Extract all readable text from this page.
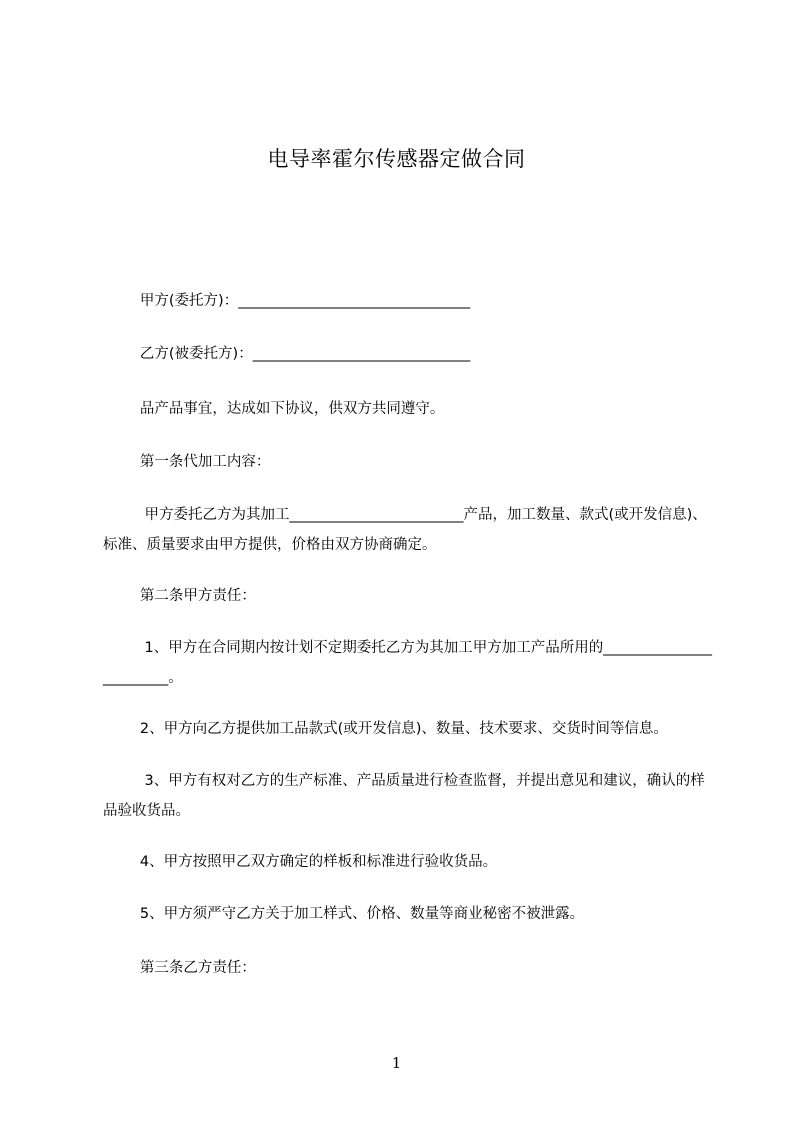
电导率霍尔传感器定做合同
甲方(委托方)：________________________________
乙方(被委托方)：______________________________
品产品事宜，达成如下协议，供双方共同遵守。
第一条代加工内容：
甲方委托乙方为其加工________________________产品，加工数量、款式(或开发信息)、标准、质量要求由甲方提供，价格由双方协商确定。
第二条甲方责任：
1、甲方在合同期内按计划不定期委托乙方为其加工甲方加工产品所用的________________________。
2、甲方向乙方提供加工品款式(或开发信息)、数量、技术要求、交货时间等信息。
3、甲方有权对乙方的生产标准、产品质量进行检查监督，并提出意见和建议，确认的样品验收货品。
4、甲方按照甲乙双方确定的样板和标准进行验收货品。
5、甲方须严守乙方关于加工样式、价格、数量等商业秘密不被泄露。
第三条乙方责任：
1
